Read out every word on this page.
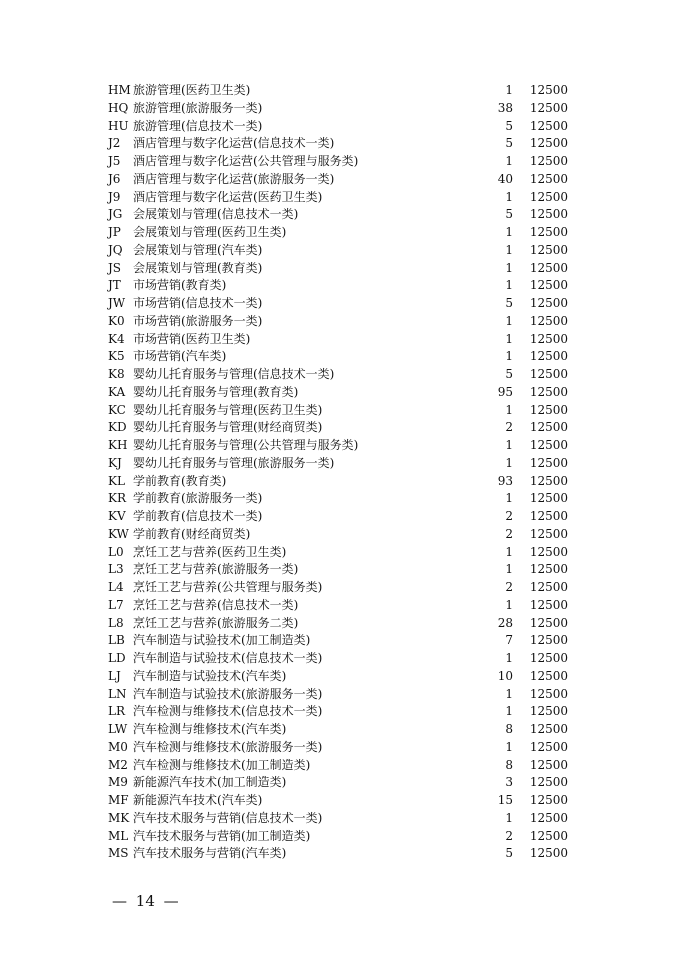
HM 旅游管理(医药卫生类)	1 12500
HQ 旅游管理(旅游服务一类)	38 12500
HU 旅游管理(信息技术一类)	5 12500
J2 酒店管理与数字化运营(信息技术一类)	5 12500
J5 酒店管理与数字化运营(公共管理与服务类)	1 12500
J6 酒店管理与数字化运营(旅游服务一类)	40 12500
J9 酒店管理与数字化运营(医药卫生类)	1 12500
JG 会展策划与管理(信息技术一类)	5 12500
JP 会展策划与管理(医药卫生类)	1 12500
JQ 会展策划与管理(汽车类)	1 12500
JS 会展策划与管理(教育类)	1 12500
JT 市场营销(教育类)	1 12500
JW 市场营销(信息技术一类)	5 12500
K0 市场营销(旅游服务一类)	1 12500
K4 市场营销(医药卫生类)	1 12500
K5 市场营销(汽车类)	1 12500
K8 婴幼儿托育服务与管理(信息技术一类)	5 12500
KA 婴幼儿托育服务与管理(教育类)	95 12500
KC 婴幼儿托育服务与管理(医药卫生类)	1 12500
KD 婴幼儿托育服务与管理(财经商贸类)	2 12500
KH 婴幼儿托育服务与管理(公共管理与服务类)	1 12500
KJ 婴幼儿托育服务与管理(旅游服务一类)	1 12500
KL 学前教育(教育类)	93 12500
KR 学前教育(旅游服务一类)	1 12500
KV 学前教育(信息技术一类)	2 12500
KW 学前教育(财经商贸类)	2 12500
L0 烹饪工艺与营养(医药卫生类)	1 12500
L3 烹饪工艺与营养(旅游服务一类)	1 12500
L4 烹饪工艺与营养(公共管理与服务类)	2 12500
L7 烹饪工艺与营养(信息技术一类)	1 12500
L8 烹饪工艺与营养(旅游服务二类)	28 12500
LB 汽车制造与试验技术(加工制造类)	7 12500
LD 汽车制造与试验技术(信息技术一类)	1 12500
LJ 汽车制造与试验技术(汽车类)	10 12500
LN 汽车制造与试验技术(旅游服务一类)	1 12500
LR 汽车检测与维修技术(信息技术一类)	1 12500
LW 汽车检测与维修技术(汽车类)	8 12500
M0 汽车检测与维修技术(旅游服务一类)	1 12500
M2 汽车检测与维修技术(加工制造类)	8 12500
M9 新能源汽车技术(加工制造类)	3 12500
MF 新能源汽车技术(汽车类)	15 12500
MK 汽车技术服务与营销(信息技术一类)	1 12500
ML 汽车技术服务与营销(加工制造类)	2 12500
MS 汽车技术服务与营销(汽车类)	5 12500
— 14 —
